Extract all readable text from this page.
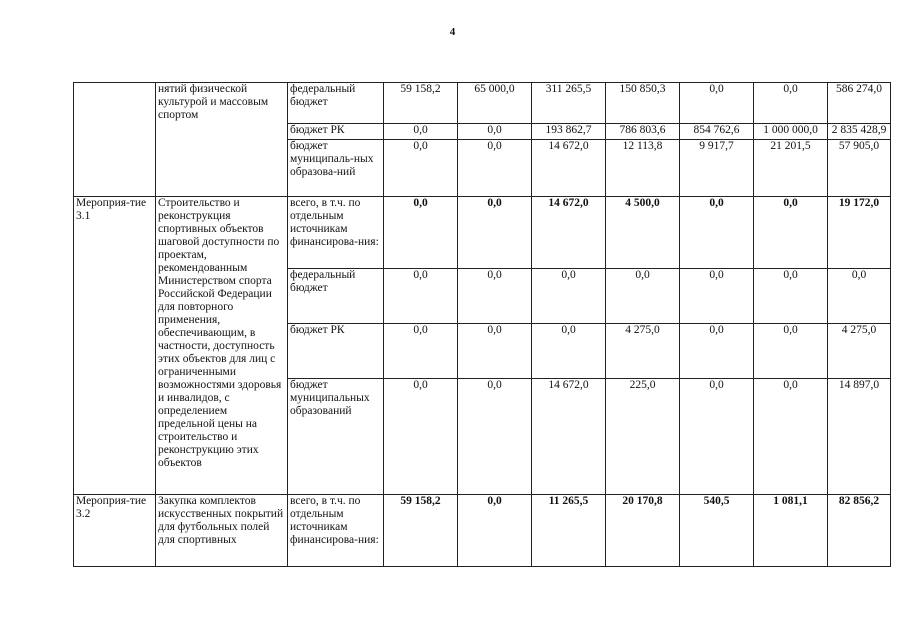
4
	нятий физической культурой и массовым спортом	федеральный бюджет	59 158,2	65 000,0	311 265,5	150 850,3	0,0	0,0	586 274,0
		бюджет РК	0,0	0,0	193 862,7	786 803,6	854 762,6	1 000 000,0	2 835 428,9
		бюджет муниципаль-ных образова-ний	0,0	0,0	14 672,0	12 113,8	9 917,7	21 201,5	57 905,0
Мероприя-тие 3.1	Строительство и реконструкция спортивных объектов шаговой доступности по проектам, рекомендованным Министерством спорта Российской Федерации для повторного применения, обеспечивающим, в частности, доступность этих объектов для лиц с ограниченными возможностями здоровья и инвалидов, с определением предельной цены на строительство и реконструкцию этих объектов	всего, в т.ч. по отдельным источникам финансирова-ния:	0,0	0,0	14 672,0	4 500,0	0,0	0,0	19 172,0
		федеральный бюджет	0,0	0,0	0,0	0,0	0,0	0,0	0,0
		бюджет РК	0,0	0,0	0,0	4 275,0	0,0	0,0	4 275,0
		бюджет муниципальных образований	0,0	0,0	14 672,0	225,0	0,0	0,0	14 897,0
Мероприя-тие 3.2	Закупка комплектов искусственных покрытий для футбольных полей для спортивных	всего, в т.ч. по отдельным источникам финансирова-ния:	59 158,2	0,0	11 265,5	20 170,8	540,5	1 081,1	82 856,2
